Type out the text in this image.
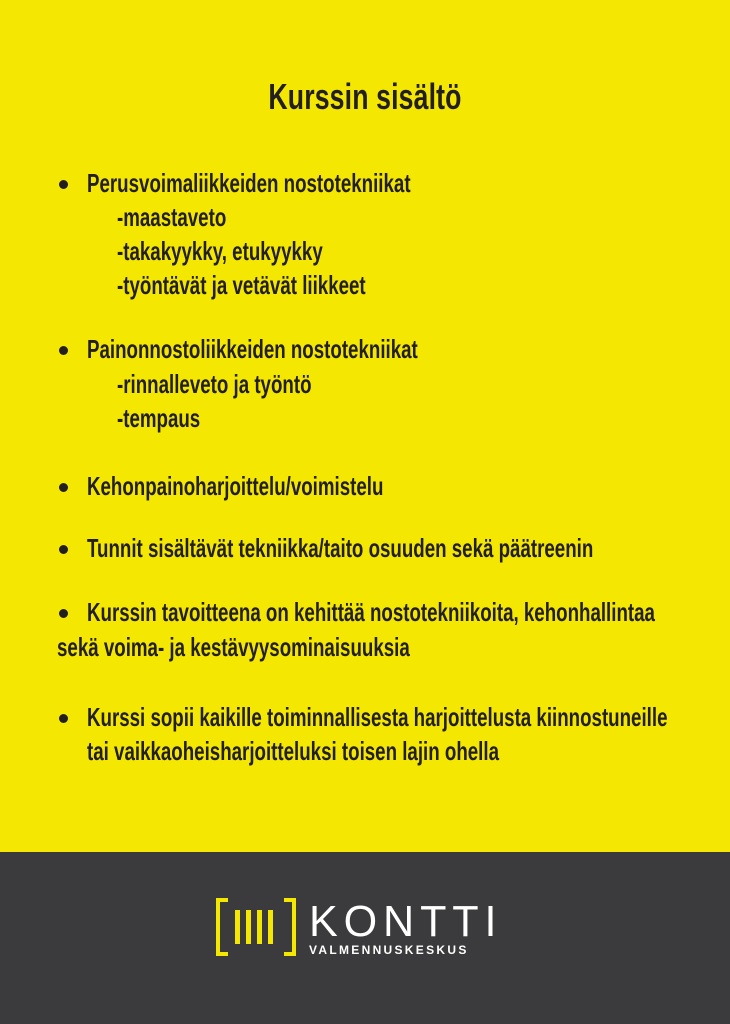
Kurssin sisältö
Perusvoimaliikkeiden nostotekniikat
-maastaveto
-takakyykky, etukyykky
-työntävät ja vetävät liikkeet
Painonnostoliikkeiden nostotekniikat
-rinnalleveto ja työntö
-tempaus
Kehonpainoharjoittelu/voimistelu
Tunnit sisältävät tekniikka/taito osuuden sekä päätreenin
Kurssin tavoitteena on kehittää nostotekniikoita, kehonhallintaa
sekä voima- ja kestävyysominaisuuksia
Kurssi sopii kaikille toiminnallisesta harjoittelusta kiinnostuneille
tai vaikkaoheisharjoitteluksi toisen lajin ohella
KONTTI
VALMENNUSKESKUS
